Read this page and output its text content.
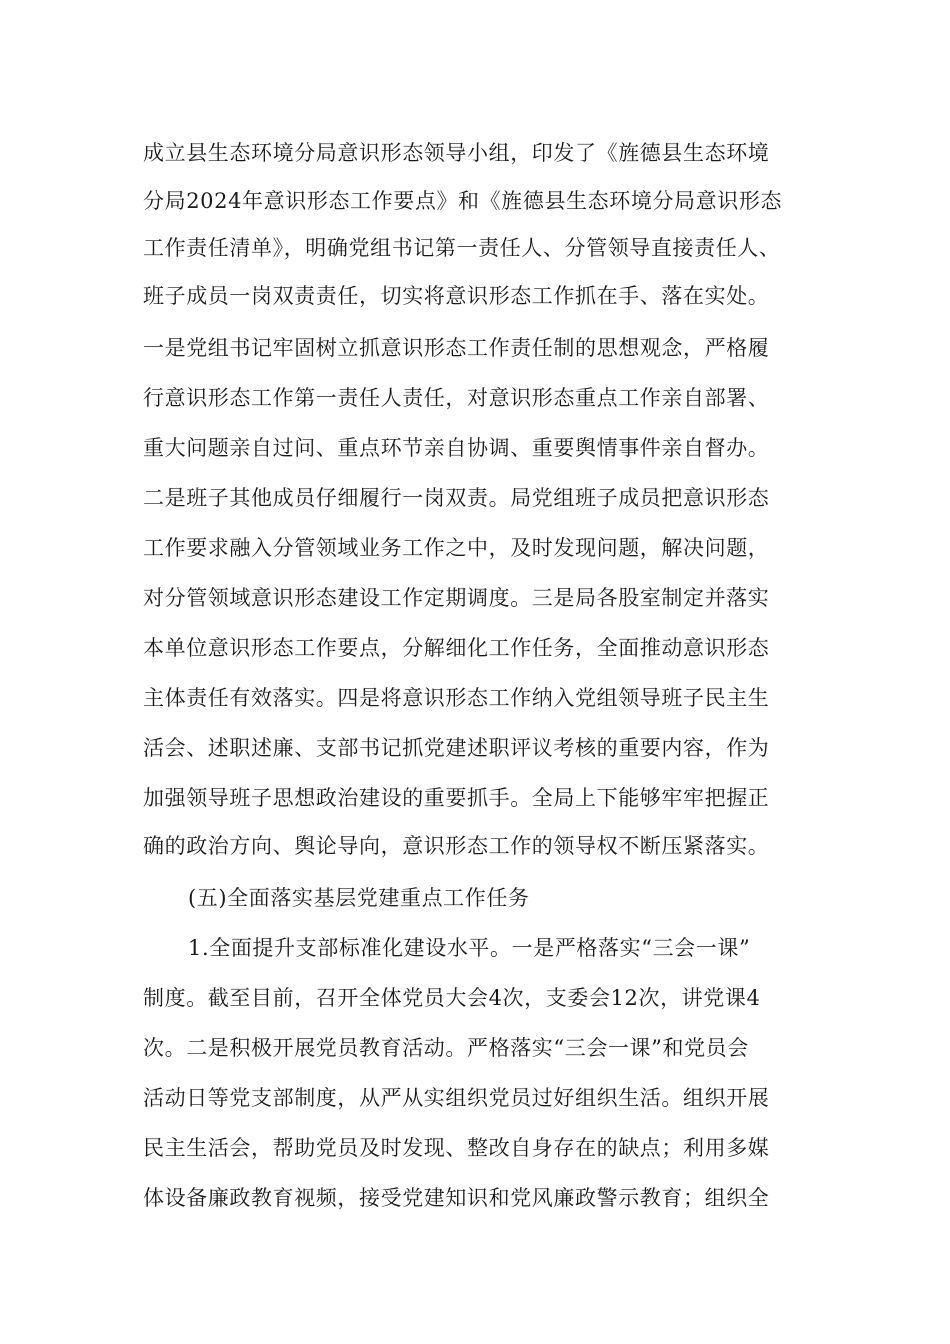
成立县生态环境分局意识形态领导小组，印发了《旌德县生态环境
分局2024年意识形态工作要点》和《旌德县生态环境分局意识形态
工作责任清单》，明确党组书记第一责任人、分管领导直接责任人、
班子成员一岗双责责任，切实将意识形态工作抓在手、落在实处。
一是党组书记牢固树立抓意识形态工作责任制的思想观念，严格履
行意识形态工作第一责任人责任，对意识形态重点工作亲自部署、
重大问题亲自过问、重点环节亲自协调、重要舆情事件亲自督办。
二是班子其他成员仔细履行一岗双责。局党组班子成员把意识形态
工作要求融入分管领域业务工作之中，及时发现问题，解决问题，
对分管领域意识形态建设工作定期调度。三是局各股室制定并落实
本单位意识形态工作要点，分解细化工作任务，全面推动意识形态
主体责任有效落实。四是将意识形态工作纳入党组领导班子民主生
活会、述职述廉、支部书记抓党建述职评议考核的重要内容，作为
加强领导班子思想政治建设的重要抓手。全局上下能够牢牢把握正
确的政治方向、舆论导向，意识形态工作的领导权不断压紧落实。
(五)全面落实基层党建重点工作任务
1.全面提升支部标准化建设水平。一是严格落实“三会一课”
制度。截至目前，召开全体党员大会4次，支委会12次，讲党课4
次。二是积极开展党员教育活动。严格落实“三会一课”和党员会
活动日等党支部制度，从严从实组织党员过好组织生活。组织开展
民主生活会，帮助党员及时发现、整改自身存在的缺点；利用多媒
体设备廉政教育视频，接受党建知识和党风廉政警示教育；组织全
